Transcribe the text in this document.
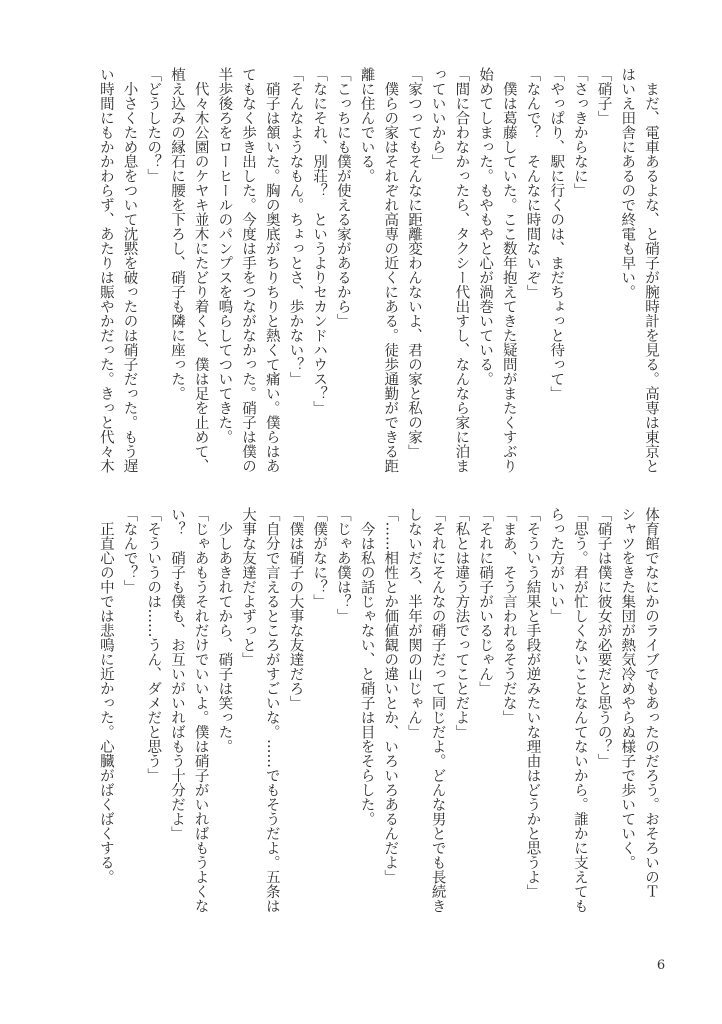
　まだ、電車あるよな、と硝子が腕時計を見る。高専は東京と
はいえ田舎にあるので終電も早い。
「硝子」
「さっきからなに」
「やっぱり、駅に行くのは、まだちょっと待って」
「なんで？　そんなに時間ないぞ」
　僕は葛藤していた。ここ数年抱えてきた疑問がまたくすぶり
始めてしまった。もやもやと心が渦巻いている。
「間に合わなかったら、タクシー代出すし、なんなら家に泊ま
っていいから」
「家つってもそんなに距離変わんないよ、君の家と私の家」
　僕らの家はそれぞれ高専の近くにある。徒歩通勤ができる距
離に住んでいる。
「こっちにも僕が使える家があるから」
「なにそれ、別荘？　というよりセカンドハウス？」
「そんなようなもん。ちょっとさ、歩かない？」
　硝子は頷いた。胸の奥底がちりちりと熱くて痛い。僕らはあ
てもなく歩き出した。今度は手をつながなかった。硝子は僕の
半歩後ろをローヒールのパンプスを鳴らしてついてきた。
　代々木公園のケヤキ並木にたどり着くと、僕は足を止めて、
植え込みの縁石に腰を下ろし、硝子も隣に座った。
「どうしたの？」
　小さくため息をついて沈黙を破ったのは硝子だった。もう遅
い時間にもかかわらず、あたりは賑やかだった。きっと代々木
体育館でなにかのライブでもあったのだろう。おそろいのＴ
シャツをきた集団が熱気冷めやらぬ様子で歩いていく。
「硝子は僕に彼女が必要だと思うの？」
「思う。君が忙しくないことなんてないから。誰かに支えても
らった方がいい」
「そういう結果と手段が逆みたいな理由はどうかと思うよ」
「まあ、そう言われるそうだな」
「それに硝子がいるじゃん」
「私とは違う方法でってことだよ」
「それにそんなの硝子だって同じだよ。どんな男とでも長続き
しないだろ、半年が関の山じゃん」
「……相性とか価値観の違いとか、いろいろあるんだよ」
　今は私の話じゃない、と硝子は目をそらした。
「じゃあ僕は？」
「僕がなに？」
「僕は硝子の大事な友達だろ」
「自分で言えるところがすごいな。……でもそうだよ。五条は
大事な友達だよずっと」
　少しあきれてから、硝子は笑った。
「じゃあもうそれだけでいいよ。僕は硝子がいればもうよくな
い？　硝子も僕も、お互いがいればもう十分だよ」
「そういうのは……うん、ダメだと思う」
「なんで？」
　正直心の中では悲鳴に近かった。心臓がばくばくする。
6
